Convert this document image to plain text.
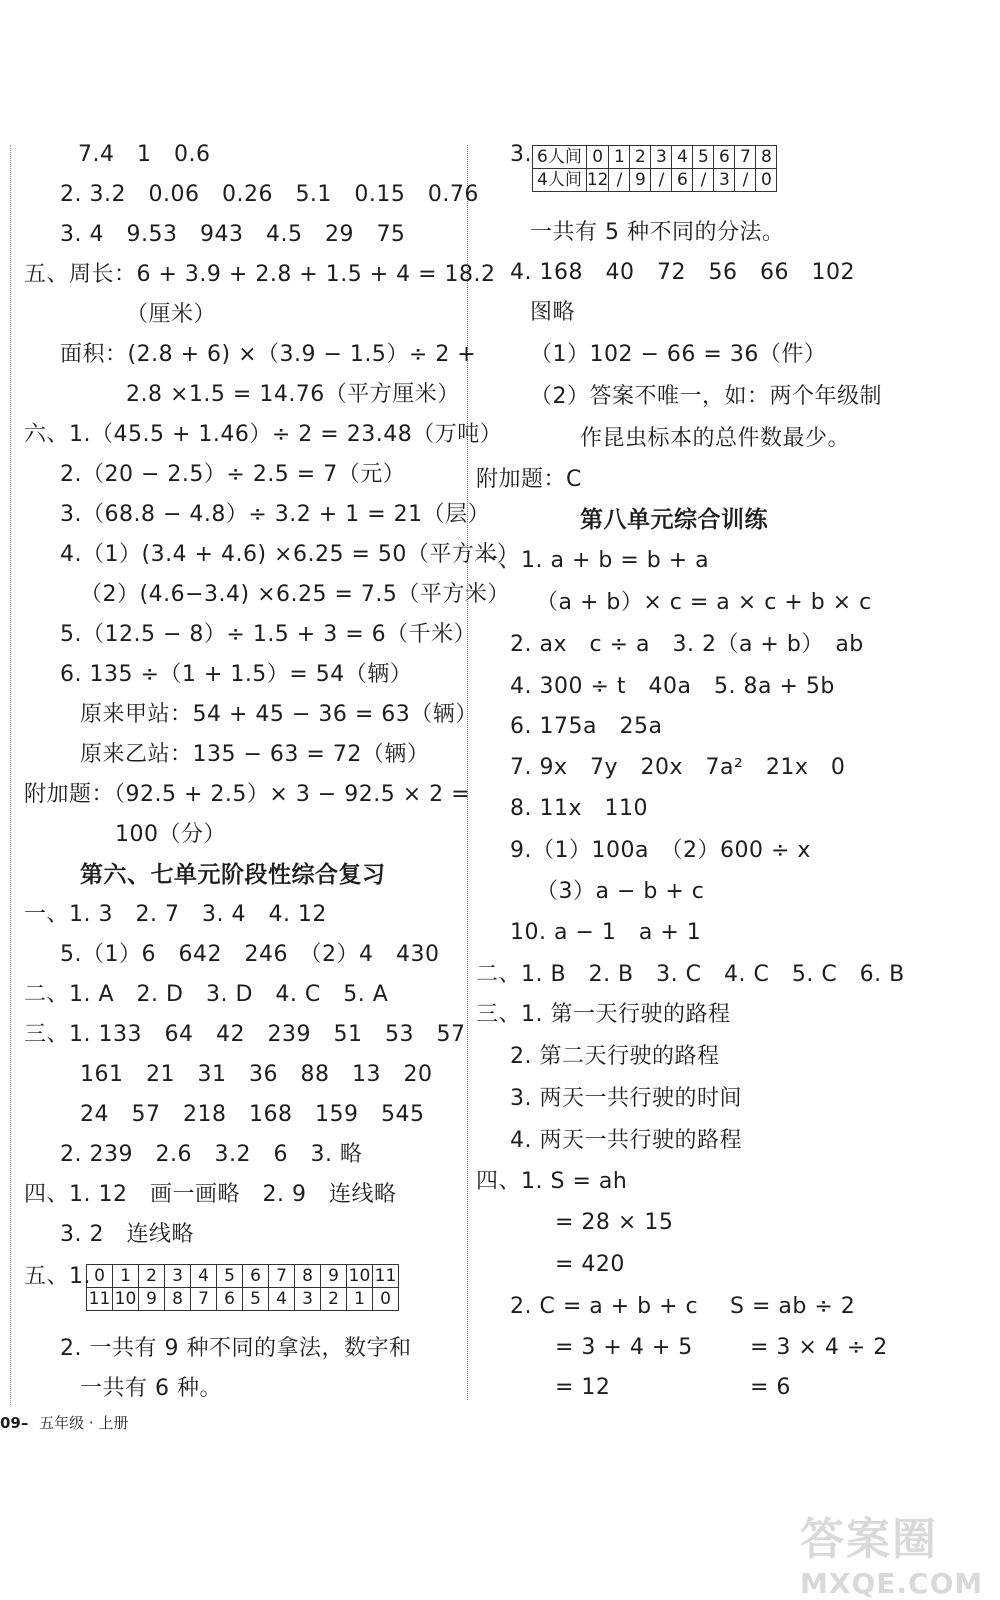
0	1	2	3	4	5	6	7	8	9	10	11
11	10	9	8	7	6	5	4	3	2	1	0
6人间	0	1	2	3	4	5	6	7	8
4人间	12	/	9	/	6	/	3	/	0
09– 五年级 · 上册
答案圈
MXQE.COM
7.4　1　0.6
2. 3.2　0.06　0.26　5.1　0.15　0.76
3. 4　9.53　943　4.5　29　75
五、周长：6 + 3.9 + 2.8 + 1.5 + 4 = 18.2
（厘米）
面积：(2.8 + 6) ×（3.9 − 1.5）÷ 2 +
2.8 ×1.5 = 14.76（平方厘米）
六、1.（45.5 + 1.46）÷ 2 = 23.48（万吨）
2.（20 − 2.5）÷ 2.5 = 7（元）
3.（68.8 − 4.8）÷ 3.2 + 1 = 21（层）
4.（1）(3.4 + 4.6) ×6.25 = 50（平方米）
（2）(4.6−3.4) ×6.25 = 7.5（平方米）
5.（12.5 − 8）÷ 1.5 + 3 = 6（千米）
6. 135 ÷（1 + 1.5）= 54（辆）
原来甲站：54 + 45 − 36 = 63（辆）
原来乙站：135 − 63 = 72（辆）
附加题：（92.5 + 2.5）× 3 − 92.5 × 2 =
100（分）
第六、七单元阶段性综合复习
一、1. 3　2. 7　3. 4　4. 12
5.（1）6　642　246　（2）4　430
二、1. A　2. D　3. D　4. C　5. A
三、1. 133　64　42　239　51　53　57
161　21　31　36　88　13　20
24　57　218　168　159　545
2. 239　2.6　3.2　6　3. 略
四、1. 12　画一画略　2. 9　连线略
3. 2　连线略
五、1.
2. 一共有 9 种不同的拿法，数字和
一共有 6 种。
3.
一共有 5 种不同的分法。
4. 168　40　72　56　66　102
图略
（1）102 − 66 = 36（件）
（2）答案不唯一，如：两个年级制
作昆虫标本的总件数最少。
附加题：C
第八单元综合训练
一、1. a + b = b + a
（a + b）× c = a × c + b × c
2. ax　c ÷ a　3. 2（a + b）　ab
4. 300 ÷ t　40a　5. 8a + 5b
6. 175a　25a
7. 9x　7y　20x　7a²　21x　0
8. 11x　110
9.（1）100a　（2）600 ÷ x
（3）a − b + c
10. a − 1　a + 1
二、1. B　2. B　3. C　4. C　5. C　6. B
三、1. 第一天行驶的路程
2. 第二天行驶的路程
3. 两天一共行驶的时间
4. 两天一共行驶的路程
四、1. S = ah
= 28 × 15
= 420
2. C = a + b + c S = ab ÷ 2
= 3 + 4 + 5	= 3 × 4 ÷ 2
= 12	= 6
